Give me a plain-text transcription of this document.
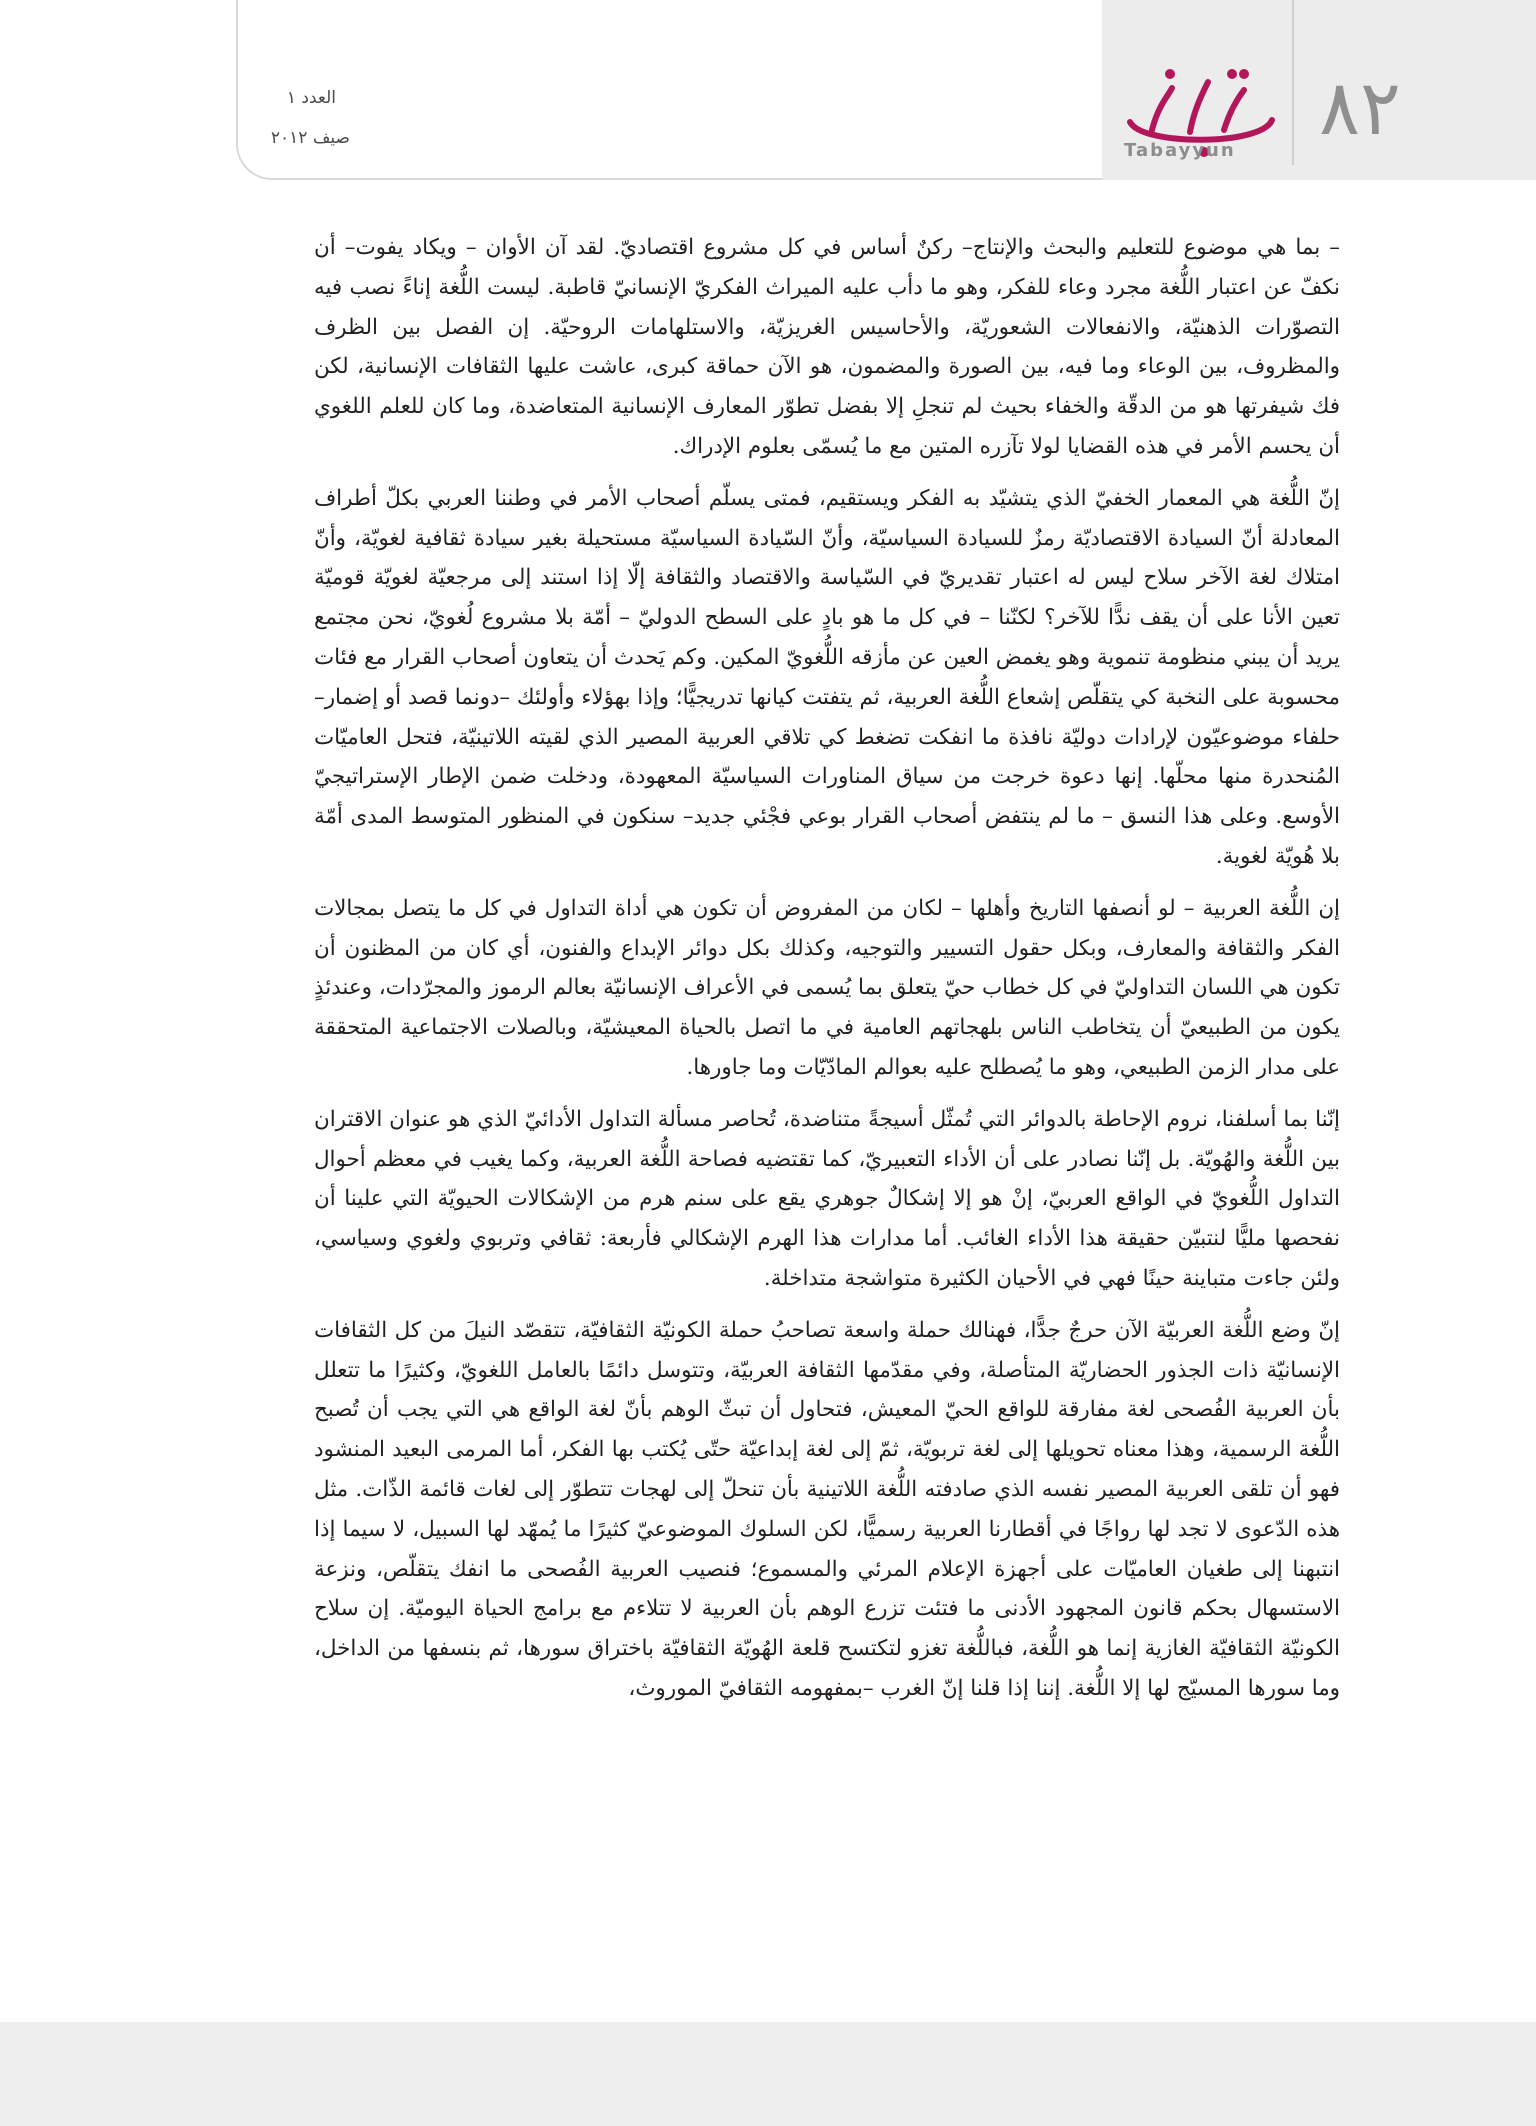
٨٢
Tabayyun
العدد ١
صيف ٢٠١٢

– بما هي موضوع للتعليم والبحث والإنتاج– ركنٌ أساس في كل مشروع اقتصاديّ. لقد آن الأوان – ويكاد يفوت– أن نكفّ عن اعتبار اللُّغة مجرد وعاء للفكر، وهو ما دأب عليه الميراث الفكريّ الإنسانيّ قاطبة. ليست اللُّغة إناءً نصب فيه التصوّرات الذهنيّة، والانفعالات الشعوريّة، والأحاسيس الغريزيّة، والاستلهامات الروحيّة. إن الفصل بين الظرف والمظروف، بين الوعاء وما فيه، بين الصورة والمضمون، هو الآن حماقة كبرى، عاشت عليها الثقافات الإنسانية، لكن فك شيفرتها هو من الدقّة والخفاء بحيث لم تنجلِ إلا بفضل تطوّر المعارف الإنسانية المتعاضدة، وما كان للعلم اللغوي أن يحسم الأمر في هذه القضايا لولا تآزره المتين مع ما يُسمّى بعلوم الإدراك.

إنّ اللُّغة هي المعمار الخفيّ الذي يتشيّد به الفكر ويستقيم، فمتى يسلّم أصحاب الأمر في وطننا العربي بكلّ أطراف المعادلة أنّ السيادة الاقتصاديّة رمزٌ للسيادة السياسيّة، وأنّ السّيادة السياسيّة مستحيلة بغير سيادة ثقافية لغويّة، وأنّ امتلاك لغة الآخر سلاح ليس له اعتبار تقديريّ في السّياسة والاقتصاد والثقافة إلّا إذا استند إلى مرجعيّة لغويّة قوميّة تعين الأنا على أن يقف ندًّا للآخر؟ لكنّنا – في كل ما هو بادٍ على السطح الدوليّ – أمّة بلا مشروع لُغويّ، نحن مجتمع يريد أن يبني منظومة تنموية وهو يغمض العين عن مأزقه اللُّغويّ المكين. وكم يَحدث أن يتعاون أصحاب القرار مع فئات محسوبة على النخبة كي يتقلّص إشعاع اللُّغة العربية، ثم يتفتت كيانها تدريجيًّا؛ وإذا بهؤلاء وأولئك –دونما قصد أو إضمار– حلفاء موضوعيّون لإرادات دوليّة نافذة ما انفكت تضغط كي تلاقي العربية المصير الذي لقيته اللاتينيّة، فتحل العاميّات المُنحدرة منها محلّها. إنها دعوة خرجت من سياق المناورات السياسيّة المعهودة، ودخلت ضمن الإطار الإستراتيجيّ الأوسع. وعلى هذا النسق – ما لم ينتفض أصحاب القرار بوعي فجْئي جديد– سنكون في المنظور المتوسط المدى أمّة بلا هُويّة لغوية.

إن اللُّغة العربية – لو أنصفها التاريخ وأهلها – لكان من المفروض أن تكون هي أداة التداول في كل ما يتصل بمجالات الفكر والثقافة والمعارف، وبكل حقول التسيير والتوجيه، وكذلك بكل دوائر الإبداع والفنون، أي كان من المظنون أن تكون هي اللسان التداوليّ في كل خطاب حيّ يتعلق بما يُسمى في الأعراف الإنسانيّة بعالم الرموز والمجرّدات، وعندئذٍ يكون من الطبيعيّ أن يتخاطب الناس بلهجاتهم العامية في ما اتصل بالحياة المعيشيّة، وبالصلات الاجتماعية المتحققة على مدار الزمن الطبيعي، وهو ما يُصطلح عليه بعوالم المادّيّات وما جاورها.

إنّنا بما أسلفنا، نروم الإحاطة بالدوائر التي تُمثّل أسيجةً متناضدة، تُحاصر مسألة التداول الأدائيّ الذي هو عنوان الاقتران بين اللُّغة والهُويّة. بل إنّنا نصادر على أن الأداء التعبيريّ، كما تقتضيه فصاحة اللُّغة العربية، وكما يغيب في معظم أحوال التداول اللُّغويّ في الواقع العربيّ، إنْ هو إلا إشكالٌ جوهري يقع على سنم هرم من الإشكالات الحيويّة التي علينا أن نفحصها مليًّا لنتبيّن حقيقة هذا الأداء الغائب. أما مدارات هذا الهرم الإشكالي فأربعة: ثقافي وتربوي ولغوي وسياسي، ولئن جاءت متباينة حينًا فهي في الأحيان الكثيرة متواشجة متداخلة.

إنّ وضع اللُّغة العربيّة الآن حرجٌ جدًّا، فهنالك حملة واسعة تصاحبُ حملة الكونيّة الثقافيّة، تتقصّد النيلَ من كل الثقافات الإنسانيّة ذات الجذور الحضاريّة المتأصلة، وفي مقدّمها الثقافة العربيّة، وتتوسل دائمًا بالعامل اللغويّ، وكثيرًا ما تتعلل بأن العربية الفُصحى لغة مفارقة للواقع الحيّ المعيش، فتحاول أن تبثّ الوهم بأنّ لغة الواقع هي التي يجب أن تُصبح اللُّغة الرسمية، وهذا معناه تحويلها إلى لغة تربويّة، ثمّ إلى لغة إبداعيّة حتّى يُكتب بها الفكر، أما المرمى البعيد المنشود فهو أن تلقى العربية المصير نفسه الذي صادفته اللُّغة اللاتينية بأن تنحلّ إلى لهجات تتطوّر إلى لغات قائمة الذّات. مثل هذه الدّعوى لا تجد لها رواجًا في أقطارنا العربية رسميًّا، لكن السلوك الموضوعيّ كثيرًا ما يُمهّد لها السبيل، لا سيما إذا انتبهنا إلى طغيان العاميّات على أجهزة الإعلام المرئي والمسموع؛ فنصيب العربية الفُصحى ما انفك يتقلّص، ونزعة الاستسهال بحكم قانون المجهود الأدنى ما فتئت تزرع الوهم بأن العربية لا تتلاءم مع برامج الحياة اليوميّة. إن سلاح الكونيّة الثقافيّة الغازية إنما هو اللُّغة، فباللُّغة تغزو لتكتسح قلعة الهُويّة الثقافيّة باختراق سورها، ثم بنسفها من الداخل، وما سورها المسيّج لها إلا اللُّغة. إننا إذا قلنا إنّ الغرب –بمفهومه الثقافيّ الموروث،
